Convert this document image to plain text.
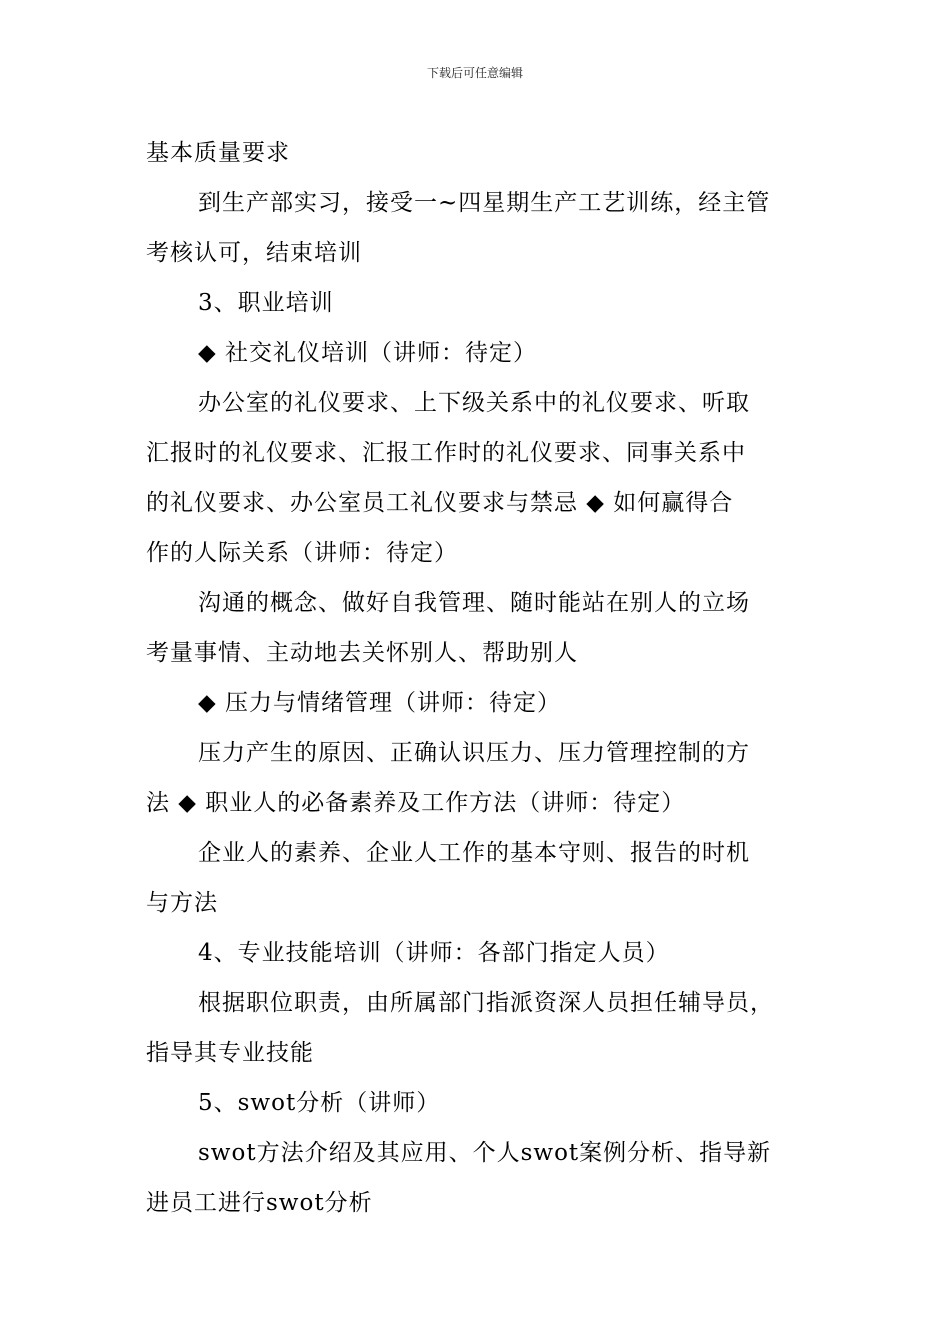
下载后可任意编辑
基本质量要求
到生产部实习，接受一~四星期生产工艺训练，经主管
考核认可，结束培训
3、职业培训
◆ 社交礼仪培训（讲师：待定）
办公室的礼仪要求、上下级关系中的礼仪要求、听取
汇报时的礼仪要求、汇报工作时的礼仪要求、同事关系中
的礼仪要求、办公室员工礼仪要求与禁忌 ◆ 如何赢得合
作的人际关系（讲师：待定）
沟通的概念、做好自我管理、随时能站在别人的立场
考量事情、主动地去关怀别人、帮助别人
◆ 压力与情绪管理（讲师：待定）
压力产生的原因、正确认识压力、压力管理控制的方
法 ◆ 职业人的必备素养及工作方法（讲师：待定）
企业人的素养、企业人工作的基本守则、报告的时机
与方法
4、专业技能培训（讲师：各部门指定人员）
根据职位职责，由所属部门指派资深人员担任辅导员，
指导其专业技能
5、swot分析（讲师）
swot方法介绍及其应用、个人swot案例分析、指导新
进员工进行swot分析
